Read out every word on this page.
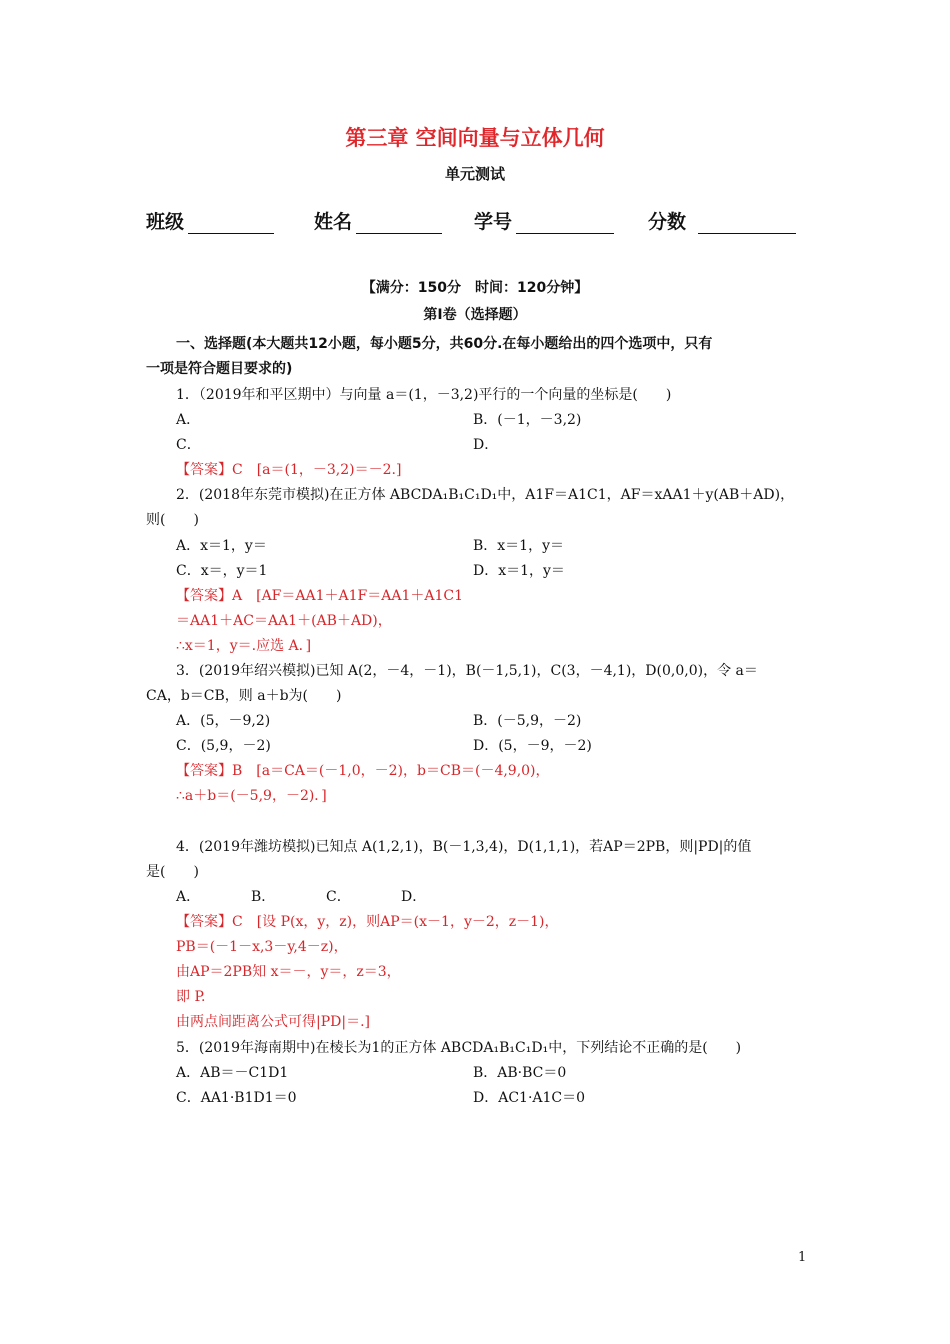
第三章 空间向量与立体几何
单元测试
班级	姓名	学号	分数
【满分：150分　时间：120分钟】
第Ⅰ卷（选择题）
一、选择题(本大题共12小题，每小题5分，共60分.在每小题给出的四个选项中，只有
一项是符合题目要求的)
1．（2019年和平区期中）与向量 a＝(1，－3,2)平行的一个向量的坐标是(　　)
A．	B．(－1，－3,2)
C．	D．
【答案】C　[a＝(1，－3,2)＝－2.]
2．(2018年东莞市模拟)在正方体 ABCDA₁B₁C₁D₁中，A1F＝A1C1，AF＝xAA1＋y(AB＋AD)，
则(　　)
A．x＝1，y＝	B．x＝1，y＝
C．x＝，y＝1	D．x＝1，y＝
【答案】A　[AF＝AA1＋A1F＝AA1＋A1C1
＝AA1＋AC＝AA1＋(AB＋AD)，
∴x＝1，y＝.应选 A．]
3．(2019年绍兴模拟)已知 A(2，－4，－1)，B(－1,5,1)，C(3，－4,1)，D(0,0,0)，令 a＝
CA，b＝CB，则 a＋b为(　　)
A．(5，－9,2)	B．(－5,9，－2)
C．(5,9，－2)	D．(5，－9，－2)
【答案】B　[a＝CA＝(－1,0，－2)，b＝CB＝(－4,9,0)，
∴a＋b＝(－5,9，－2)．]
4．(2019年潍坊模拟)已知点 A(1,2,1)，B(－1,3,4)，D(1,1,1)，若AP＝2PB，则|PD|的值
是(　　)
A．	B．	C．	D．
【答案】C　[设 P(x，y，z)，则AP＝(x－1，y－2，z－1)，
PB＝(－1－x,3－y,4－z)，
由AP＝2PB知 x＝－，y＝，z＝3，
即 P.
由两点间距离公式可得|PD|＝.]
5．(2019年海南期中)在棱长为1的正方体 ABCDA₁B₁C₁D₁中，下列结论不正确的是(　　)
A．AB＝－C1D1	B．AB·BC＝0
C．AA1·B1D1＝0	D．AC1·A1C＝0
1
